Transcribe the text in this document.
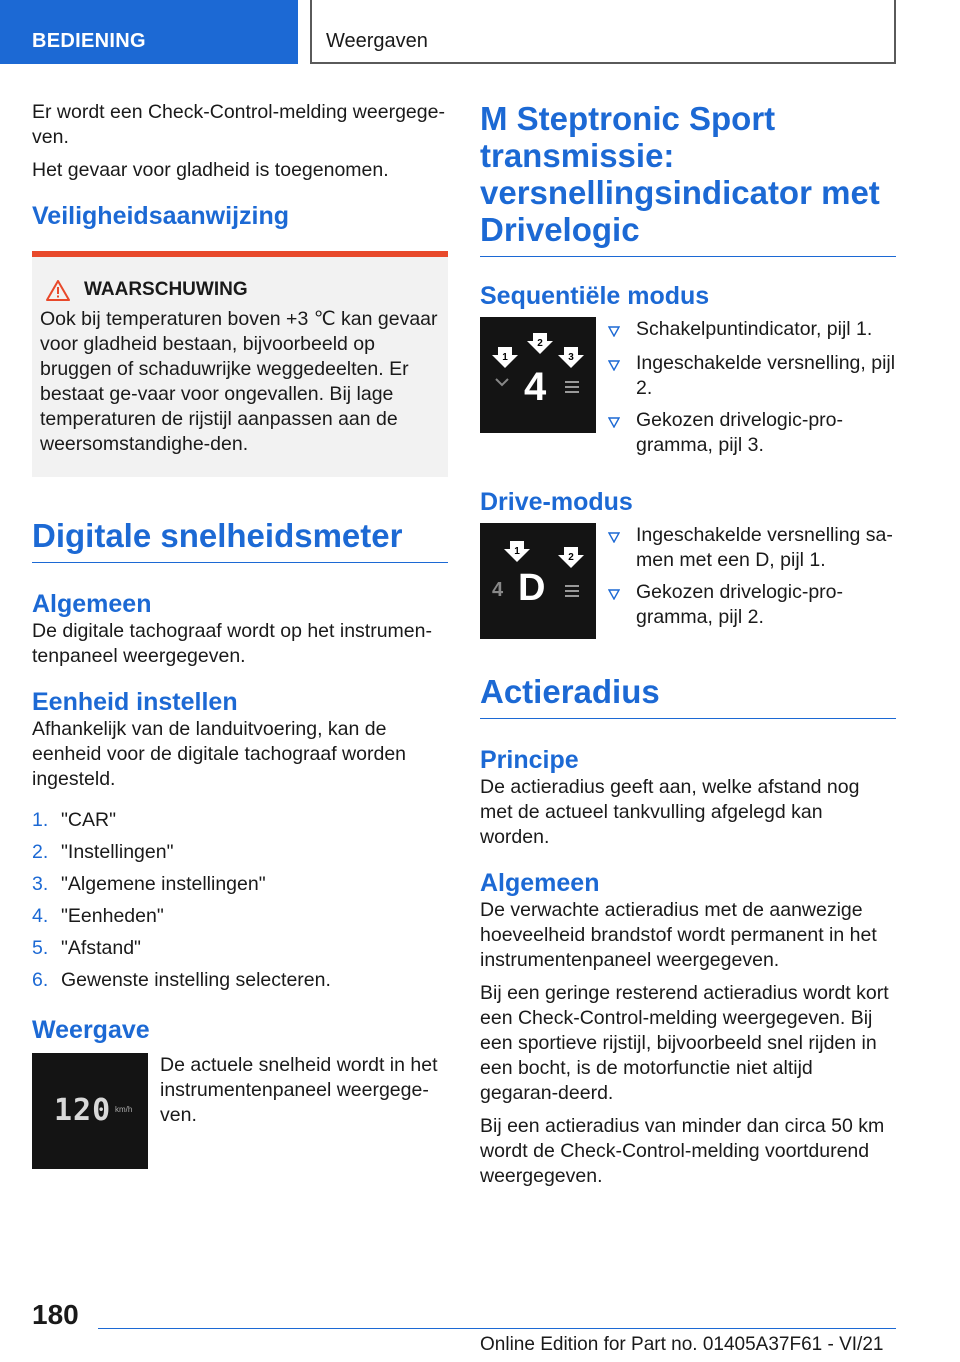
BEDIENING	Weergaven

Er wordt een Check-Control-melding weergege-ven.

Het gevaar voor gladheid is toegenomen.

Veiligheidsaanwijzing
WAARSCHUWING
Ook bij temperaturen boven +3 ℃ kan gevaar voor gladheid bestaan, bijvoorbeeld op bruggen of schaduwrijke weggedeelten. Er bestaat ge-vaar voor ongevallen. Bij lage temperaturen de rijstijl aanpassen aan de weersomstandighe-den.
Digitale snelheidsmeter
Algemeen

De digitale tachograaf wordt op het instrumen-tenpaneel weergegeven.

Eenheid instellen

Afhankelijk van de landuitvoering, kan de eenheid voor de digitale tachograaf worden ingesteld.

1. "CAR"
2. "Instellingen"
3. "Algemene instellingen"
4. "Eenheden"
5. "Afstand"
6. Gewenste instelling selecteren.
Weergave
120 km/h

De actuele snelheid wordt in het instrumentenpaneel weergege-ven.

M Steptronic Sport transmissie: versnellingsindicator met Drivelogic
Sequentiële modus
1
2
3
4
Schakelpuntindicator, pijl 1.
Ingeschakelde versnelling, pijl 2.
Gekozen drivelogic-pro-gramma, pijl 3.
Drive-modus
1
2
4 D
Ingeschakelde versnelling sa-men met een D, pijl 1.
Gekozen drivelogic-pro-gramma, pijl 2.
Actieradius
Principe

De actieradius geeft aan, welke afstand nog met de actueel tankvulling afgelegd kan worden.

Algemeen

De verwachte actieradius met de aanwezige hoeveelheid brandstof wordt permanent in het instrumentenpaneel weergegeven.

Bij een geringe resterend actieradius wordt kort een Check-Control-melding weergegeven. Bij een sportieve rijstijl, bijvoorbeeld snel rijden in een bocht, is de motorfunctie niet altijd gegaran-deerd.

Bij een actieradius van minder dan circa 50 km wordt de Check-Control-melding voortdurend weergegeven.

180
Online Edition for Part no. 01405A37F61 - VI/21
